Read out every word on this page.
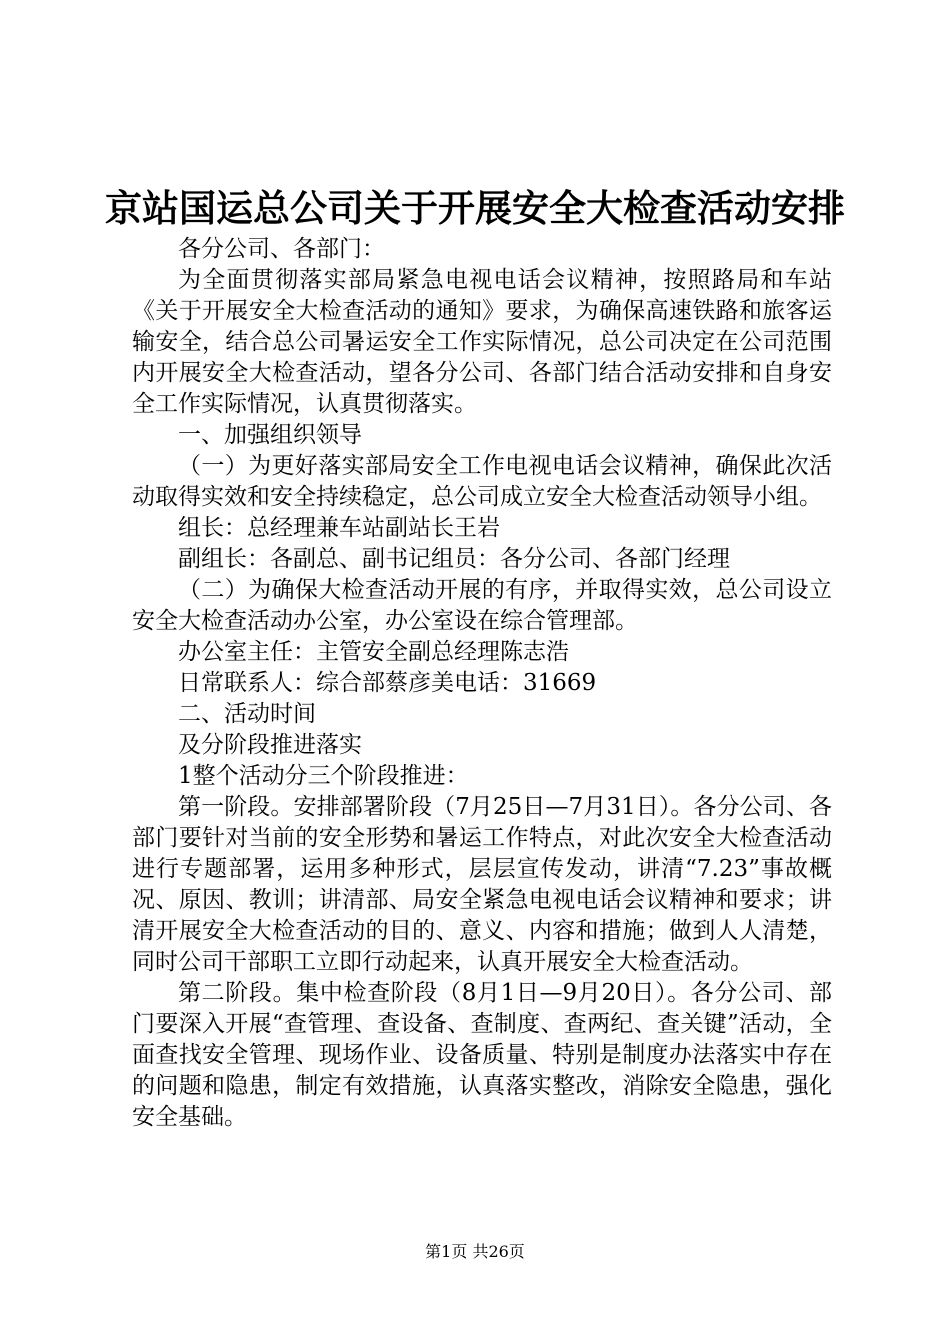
京站国运总公司关于开展安全大检查活动安排

各分公司、各部门：

为全面贯彻落实部局紧急电视电话会议精神，按照路局和车站《关于开展安全大检查活动的通知》要求，为确保高速铁路和旅客运输安全，结合总公司暑运安全工作实际情况，总公司决定在公司范围内开展安全大检查活动，望各分公司、各部门结合活动安排和自身安全工作实际情况，认真贯彻落实。

一、加强组织领导

（一）为更好落实部局安全工作电视电话会议精神，确保此次活动取得实效和安全持续稳定，总公司成立安全大检查活动领导小组。

组长：总经理兼车站副站长王岩

副组长：各副总、副书记组员：各分公司、各部门经理

（二）为确保大检查活动开展的有序，并取得实效，总公司设立安全大检查活动办公室，办公室设在综合管理部。

办公室主任：主管安全副总经理陈志浩

日常联系人：综合部蔡彦美电话：31669

二、活动时间

及分阶段推进落实

1整个活动分三个阶段推进：

第一阶段。安排部署阶段（7月25日—7月31日）。各分公司、各部门要针对当前的安全形势和暑运工作特点，对此次安全大检查活动进行专题部署，运用多种形式，层层宣传发动，讲清“7.23”事故概况、原因、教训；讲清部、局安全紧急电视电话会议精神和要求；讲清开展安全大检查活动的目的、意义、内容和措施；做到人人清楚，同时公司干部职工立即行动起来，认真开展安全大检查活动。

第二阶段。集中检查阶段（8月1日—9月20日）。各分公司、部门要深入开展“查管理、查设备、查制度、查两纪、查关键”活动，全面查找安全管理、现场作业、设备质量、特别是制度办法落实中存在的问题和隐患，制定有效措施，认真落实整改，消除安全隐患，强化安全基础。

第1页 共26页
